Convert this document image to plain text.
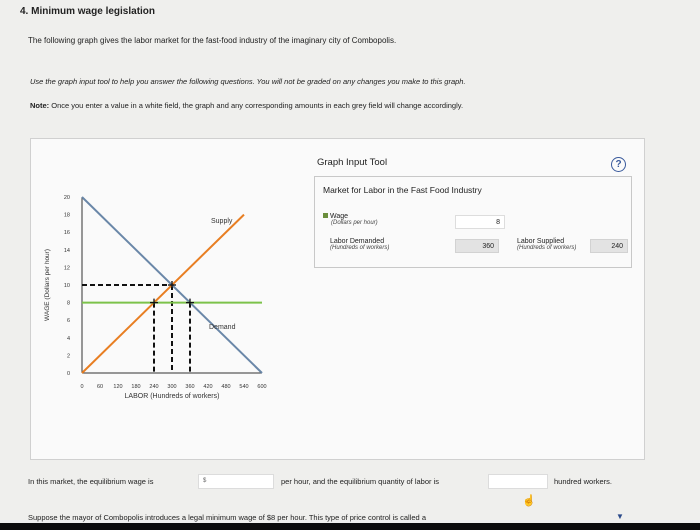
4. Minimum wage legislation
The following graph gives the labor market for the fast-food industry of the imaginary city of Combopolis.
Use the graph input tool to help you answer the following questions. You will not be graded on any changes you make to this graph.
Note: Once you enter a value in a white field, the graph and any corresponding amounts in each grey field will change accordingly.
0
2
4
6
8
10
12
14
16
18
20
0 60 120 180 240 300 360 420 480 540 600
WAGE (Dollars per hour)
LABOR (Hundreds of workers)
Supply
Demand
Graph Input Tool	?
Market for Labor in the Fast Food Industry
Wage
(Dollars per hour)	8
Labor Demanded
(Hundreds of workers)	360
Labor Supplied
(Hundreds of workers)	240
In this market, the equilibrium wage is	$	per hour, and the equilibrium quantity of labor is	hundred workers.
☝
Suppose the mayor of Combopolis introduces a legal minimum wage of $8 per hour. This type of price control is called a	▼
